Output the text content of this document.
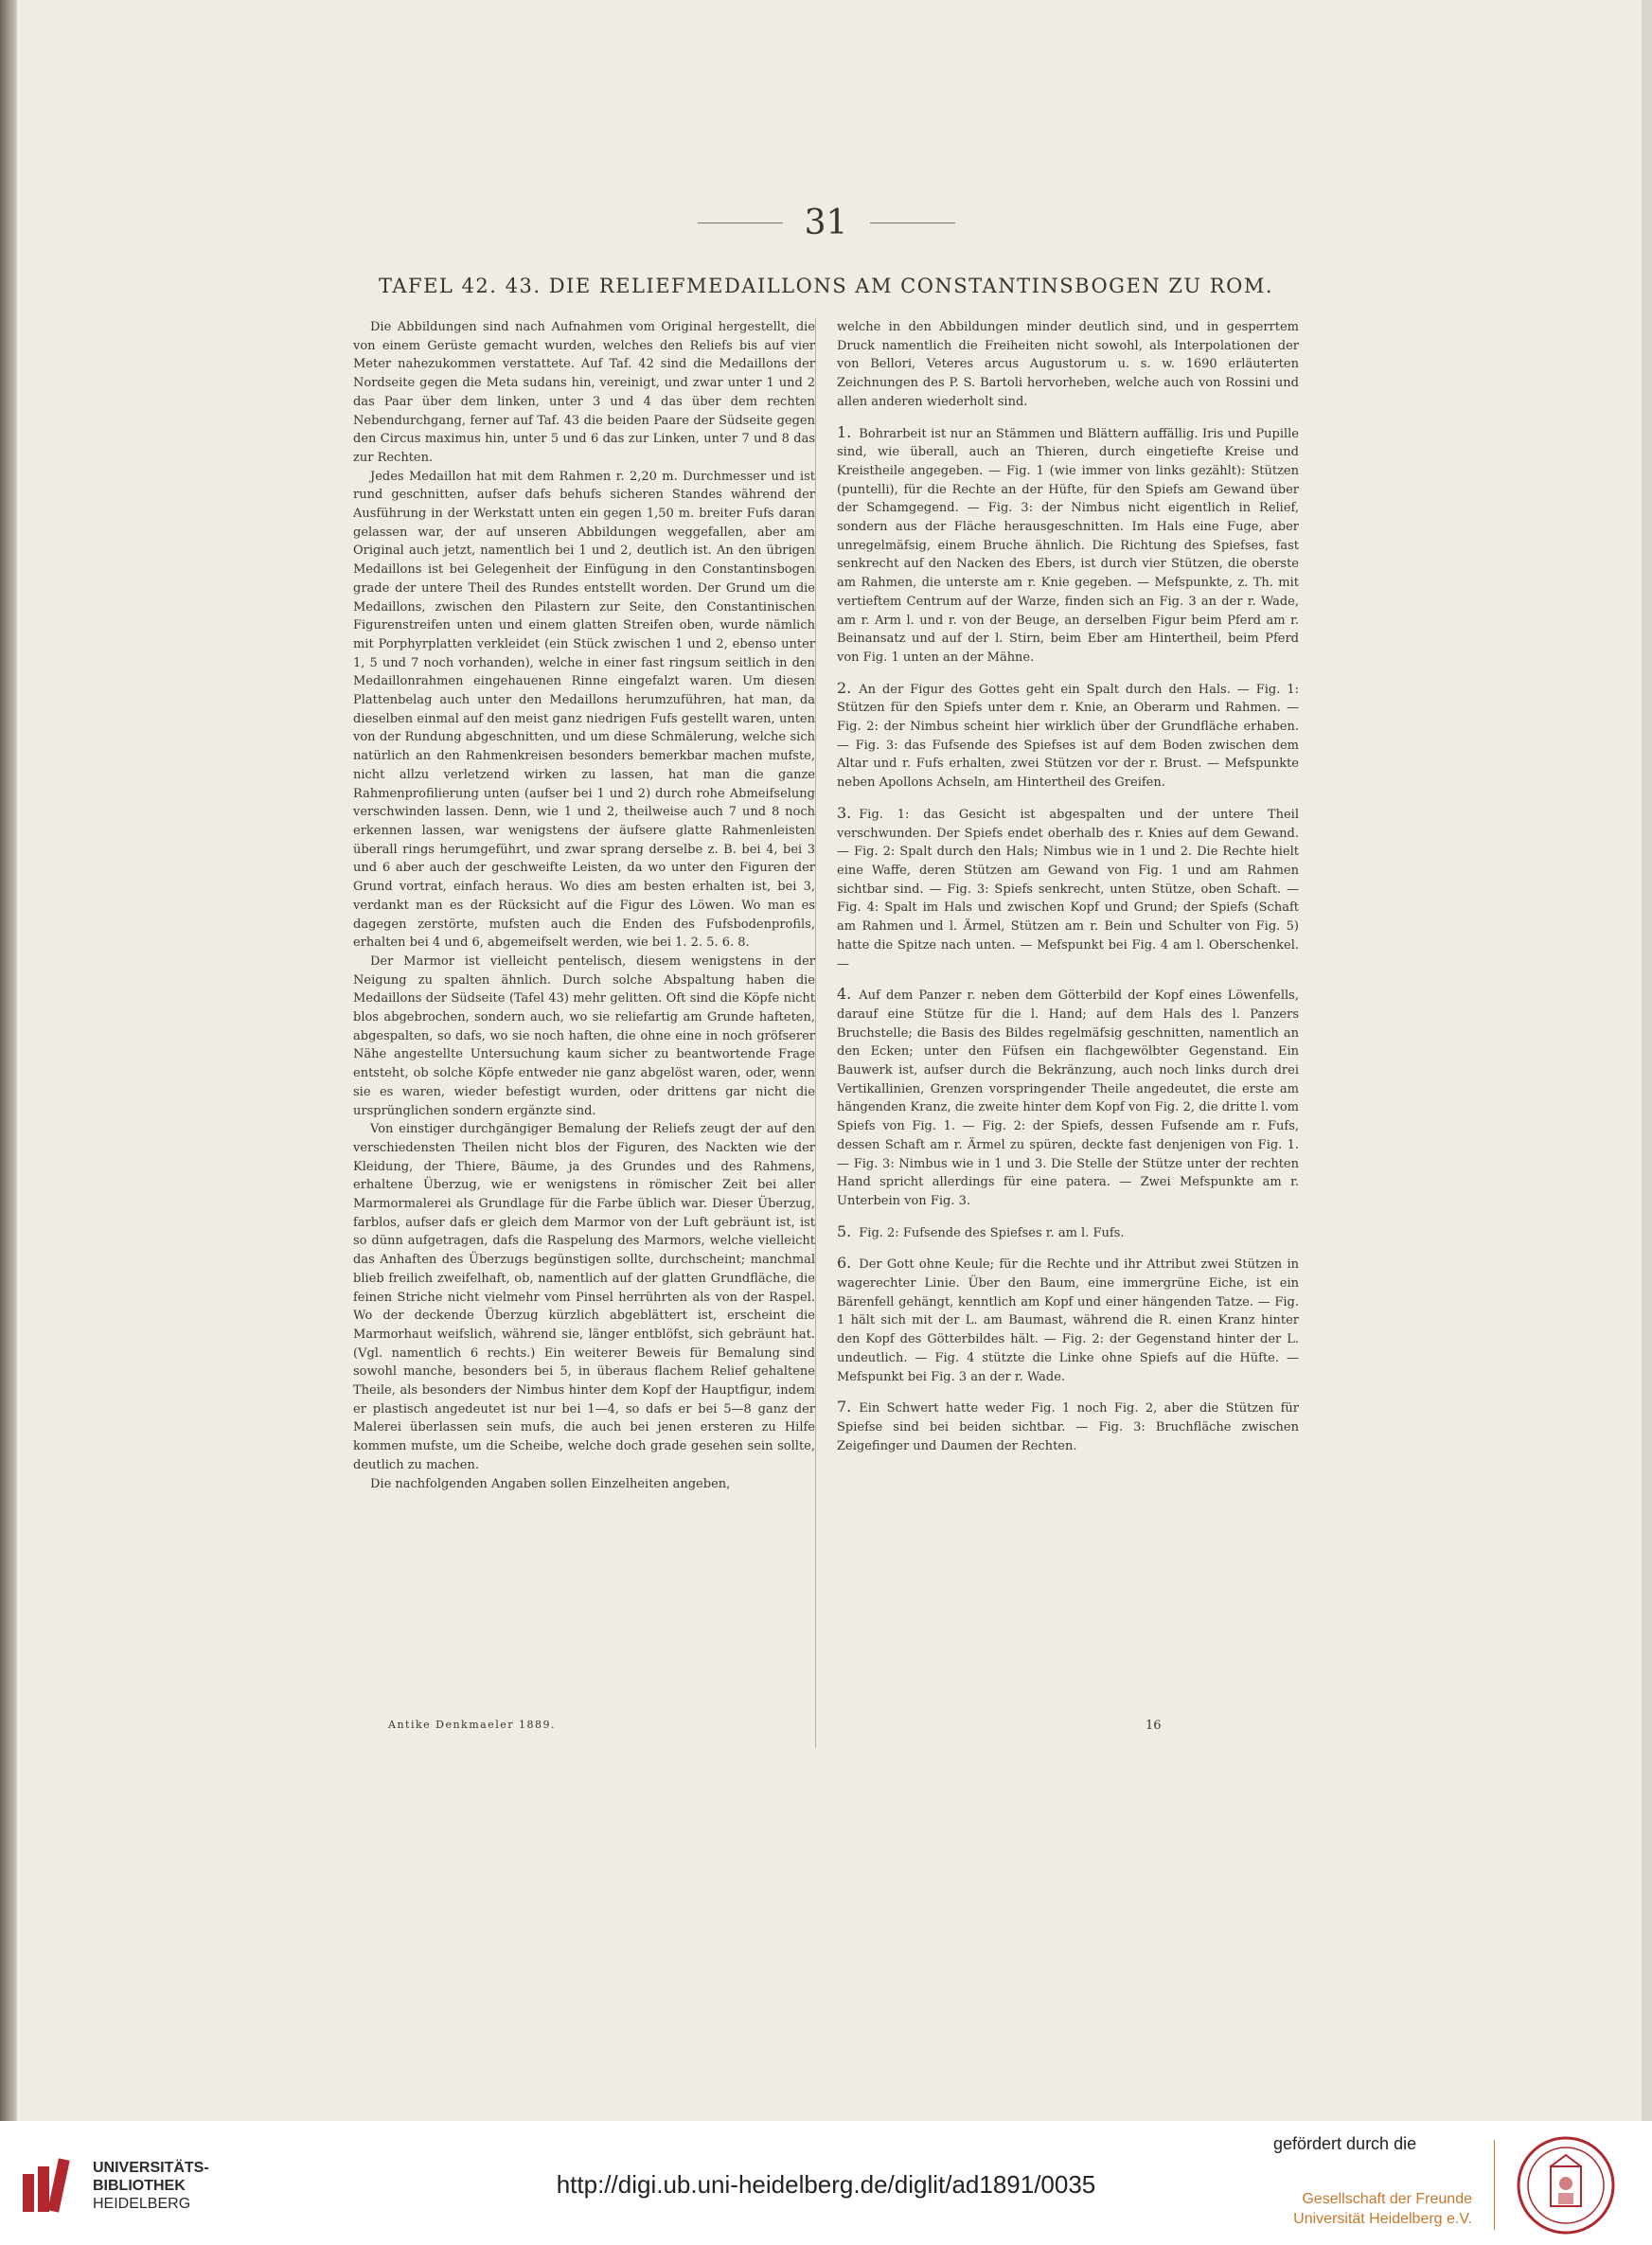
31
TAFEL 42. 43. DIE RELIEFMEDAILLONS AM CONSTANTINSBOGEN ZU ROM.

Die Abbildungen sind nach Aufnahmen vom Original hergestellt, die von einem Gerüste gemacht wurden, welches den Reliefs bis auf vier Meter nahezukommen verstattete. Auf Taf. 42 sind die Medaillons der Nordseite gegen die Meta sudans hin, vereinigt, und zwar unter 1 und 2 das Paar über dem linken, unter 3 und 4 das über dem rechten Nebendurchgang, ferner auf Taf. 43 die beiden Paare der Südseite gegen den Circus maximus hin, unter 5 und 6 das zur Linken, unter 7 und 8 das zur Rechten.

Jedes Medaillon hat mit dem Rahmen r. 2,20 m. Durchmesser und ist rund geschnitten, aufser dafs behufs sicheren Standes während der Ausführung in der Werkstatt unten ein gegen 1,50 m. breiter Fufs daran gelassen war, der auf unseren Abbildungen weggefallen, aber am Original auch jetzt, namentlich bei 1 und 2, deutlich ist. An den übrigen Medaillons ist bei Gelegenheit der Einfügung in den Constantinsbogen grade der untere Theil des Rundes entstellt worden. Der Grund um die Medaillons, zwischen den Pilastern zur Seite, den Constantinischen Figurenstreifen unten und einem glatten Streifen oben, wurde nämlich mit Porphyrplatten verkleidet (ein Stück zwischen 1 und 2, ebenso unter 1, 5 und 7 noch vorhanden), welche in einer fast ringsum seitlich in den Medaillonrahmen eingehauenen Rinne eingefalzt waren. Um diesen Plattenbelag auch unter den Medaillons herumzuführen, hat man, da dieselben einmal auf den meist ganz niedrigen Fufs gestellt waren, unten von der Rundung abgeschnitten, und um diese Schmälerung, welche sich natürlich an den Rahmenkreisen besonders bemerkbar machen mufste, nicht allzu verletzend wirken zu lassen, hat man die ganze Rahmenprofilierung unten (aufser bei 1 und 2) durch rohe Abmeifselung verschwinden lassen. Denn, wie 1 und 2, theilweise auch 7 und 8 noch erkennen lassen, war wenigstens der äufsere glatte Rahmenleisten überall rings herumgeführt, und zwar sprang derselbe z. B. bei 4, bei 3 und 6 aber auch der geschweifte Leisten, da wo unter den Figuren der Grund vortrat, einfach heraus. Wo dies am besten erhalten ist, bei 3, verdankt man es der Rücksicht auf die Figur des Löwen. Wo man es dagegen zerstörte, mufsten auch die Enden des Fufsbodenprofils, erhalten bei 4 und 6, abgemeifselt werden, wie bei 1. 2. 5. 6. 8.

Der Marmor ist vielleicht pentelisch, diesem wenigstens in der Neigung zu spalten ähnlich. Durch solche Abspaltung haben die Medaillons der Südseite (Tafel 43) mehr gelitten. Oft sind die Köpfe nicht blos abgebrochen, sondern auch, wo sie reliefartig am Grunde hafteten, abgespalten, so dafs, wo sie noch haften, die ohne eine in noch gröfserer Nähe angestellte Untersuchung kaum sicher zu beantwortende Frage entsteht, ob solche Köpfe entweder nie ganz abgelöst waren, oder, wenn sie es waren, wieder befestigt wurden, oder drittens gar nicht die ursprünglichen sondern ergänzte sind.

Von einstiger durchgängiger Bemalung der Reliefs zeugt der auf den verschiedensten Theilen nicht blos der Figuren, des Nackten wie der Kleidung, der Thiere, Bäume, ja des Grundes und des Rahmens, erhaltene Überzug, wie er wenigstens in römischer Zeit bei aller Marmormalerei als Grundlage für die Farbe üblich war. Dieser Überzug, farblos, aufser dafs er gleich dem Marmor von der Luft gebräunt ist, ist so dünn aufgetragen, dafs die Raspelung des Marmors, welche vielleicht das Anhaften des Überzugs begünstigen sollte, durchscheint; manchmal blieb freilich zweifelhaft, ob, namentlich auf der glatten Grundfläche, die feinen Striche nicht vielmehr vom Pinsel herrührten als von der Raspel. Wo der deckende Überzug kürzlich abgeblättert ist, erscheint die Marmorhaut weifslich, während sie, länger entblöfst, sich gebräunt hat. (Vgl. namentlich 6 rechts.) Ein weiterer Beweis für Bemalung sind sowohl manche, besonders bei 5, in überaus flachem Relief gehaltene Theile, als besonders der Nimbus hinter dem Kopf der Hauptfigur, indem er plastisch angedeutet ist nur bei 1—4, so dafs er bei 5—8 ganz der Malerei überlassen sein mufs, die auch bei jenen ersteren zu Hilfe kommen mufste, um die Scheibe, welche doch grade gesehen sein sollte, deutlich zu machen.

Die nachfolgenden Angaben sollen Einzelheiten angeben,

welche in den Abbildungen minder deutlich sind, und in gesperrtem Druck namentlich die Freiheiten nicht sowohl, als Interpolationen der von Bellori, Veteres arcus Augustorum u. s. w. 1690 erläuterten Zeichnungen des P. S. Bartoli hervorheben, welche auch von Rossini und allen anderen wiederholt sind.

1. Bohrarbeit ist nur an Stämmen und Blättern auffällig. Iris und Pupille sind, wie überall, auch an Thieren, durch eingetiefte Kreise und Kreistheile angegeben. — Fig. 1 (wie immer von links gezählt): Stützen (puntelli), für die Rechte an der Hüfte, für den Spiefs am Gewand über der Schamgegend. — Fig. 3: der Nimbus nicht eigentlich in Relief, sondern aus der Fläche herausgeschnitten. Im Hals eine Fuge, aber unregelmäfsig, einem Bruche ähnlich. Die Richtung des Spiefses, fast senkrecht auf den Nacken des Ebers, ist durch vier Stützen, die oberste am Rahmen, die unterste am r. Knie gegeben. — Mefspunkte, z. Th. mit vertieftem Centrum auf der Warze, finden sich an Fig. 3 an der r. Wade, am r. Arm l. und r. von der Beuge, an derselben Figur beim Pferd am r. Beinansatz und auf der l. Stirn, beim Eber am Hintertheil, beim Pferd von Fig. 1 unten an der Mähne.

2. An der Figur des Gottes geht ein Spalt durch den Hals. — Fig. 1: Stützen für den Spiefs unter dem r. Knie, an Oberarm und Rahmen. — Fig. 2: der Nimbus scheint hier wirklich über der Grundfläche erhaben. — Fig. 3: das Fufsende des Spiefses ist auf dem Boden zwischen dem Altar und r. Fufs erhalten, zwei Stützen vor der r. Brust. — Mefspunkte neben Apollons Achseln, am Hintertheil des Greifen.

3. Fig. 1: das Gesicht ist abgespalten und der untere Theil verschwunden. Der Spiefs endet oberhalb des r. Knies auf dem Gewand. — Fig. 2: Spalt durch den Hals; Nimbus wie in 1 und 2. Die Rechte hielt eine Waffe, deren Stützen am Gewand von Fig. 1 und am Rahmen sichtbar sind. — Fig. 3: Spiefs senkrecht, unten Stütze, oben Schaft. — Fig. 4: Spalt im Hals und zwischen Kopf und Grund; der Spiefs (Schaft am Rahmen und l. Ärmel, Stützen am r. Bein und Schulter von Fig. 5) hatte die Spitze nach unten. — Mefspunkt bei Fig. 4 am l. Oberschenkel. —

4. Auf dem Panzer r. neben dem Götterbild der Kopf eines Löwenfells, darauf eine Stütze für die l. Hand; auf dem Hals des l. Panzers Bruchstelle; die Basis des Bildes regelmäfsig geschnitten, namentlich an den Ecken; unter den Füfsen ein flachgewölbter Gegenstand. Ein Bauwerk ist, aufser durch die Bekränzung, auch noch links durch drei Vertikallinien, Grenzen vorspringender Theile angedeutet, die erste am hängenden Kranz, die zweite hinter dem Kopf von Fig. 2, die dritte l. vom Spiefs von Fig. 1. — Fig. 2: der Spiefs, dessen Fufsende am r. Fufs, dessen Schaft am r. Ärmel zu spüren, deckte fast denjenigen von Fig. 1. — Fig. 3: Nimbus wie in 1 und 3. Die Stelle der Stütze unter der rechten Hand spricht allerdings für eine patera. — Zwei Mefspunkte am r. Unterbein von Fig. 3.

5. Fig. 2: Fufsende des Spiefses r. am l. Fufs.

6. Der Gott ohne Keule; für die Rechte und ihr Attribut zwei Stützen in wagerechter Linie. Über den Baum, eine immergrüne Eiche, ist ein Bärenfell gehängt, kenntlich am Kopf und einer hängenden Tatze. — Fig. 1 hält sich mit der L. am Baumast, während die R. einen Kranz hinter den Kopf des Götterbildes hält. — Fig. 2: der Gegenstand hinter der L. undeutlich. — Fig. 4 stützte die Linke ohne Spiefs auf die Hüfte. — Mefspunkt bei Fig. 3 an der r. Wade.

7. Ein Schwert hatte weder Fig. 1 noch Fig. 2, aber die Stützen für Spiefse sind bei beiden sichtbar. — Fig. 3: Bruchfläche zwischen Zeigefinger und Daumen der Rechten.

Antike Denkmaeler 1889.	16
UNIVERSITÄTS-
BIBLIOTHEK
HEIDELBERG
http://digi.ub.uni-heidelberg.de/diglit/ad1891/0035
gefördert durch die
Gesellschaft der Freunde
Universität Heidelberg e.V.
